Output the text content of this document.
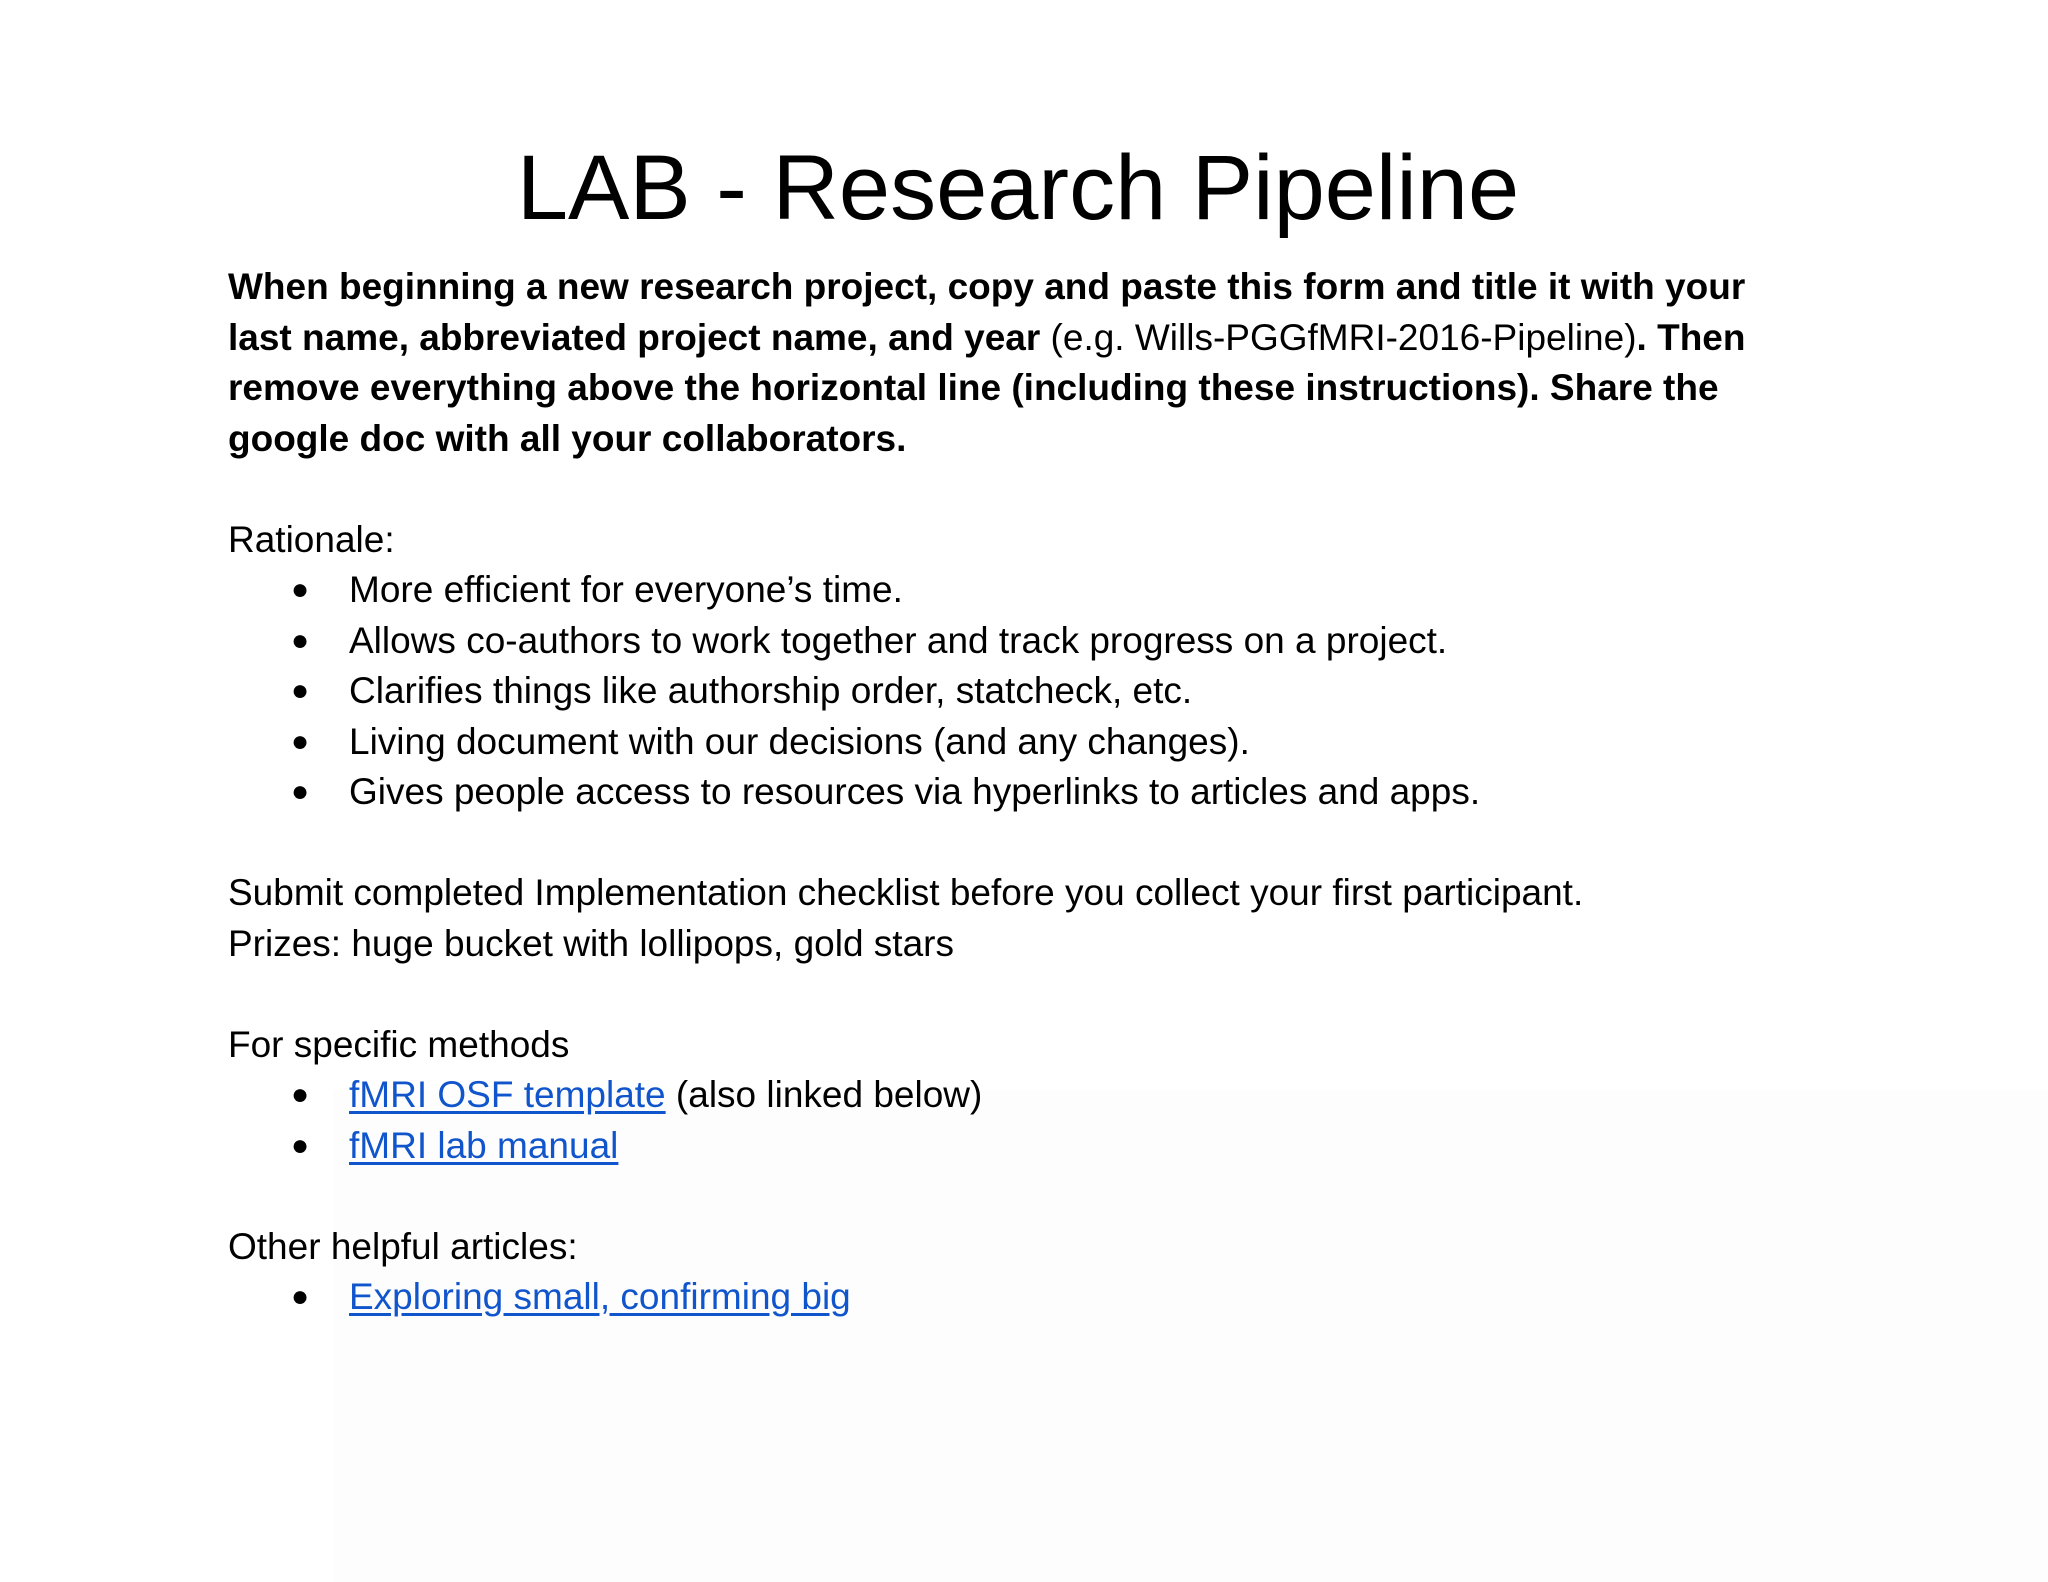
LAB - Research Pipeline

When beginning a new research project, copy and paste this form and title it with your last name, abbreviated project name, and year (e.g. Wills-PGGfMRI-2016-Pipeline). Then remove everything above the horizontal line (including these instructions). Share the google doc with all your collaborators.

Rationale:

● More efficient for everyone’s time.
● Allows co-authors to work together and track progress on a project.
● Clarifies things like authorship order, statcheck, etc.
● Living document with our decisions (and any changes).
● Gives people access to resources via hyperlinks to articles and apps.

Submit completed Implementation checklist before you collect your first participant.

Prizes: huge bucket with lollipops, gold stars

For specific methods

● fMRI OSF template (also linked below)
● fMRI lab manual

Other helpful articles:

● Exploring small, confirming big
